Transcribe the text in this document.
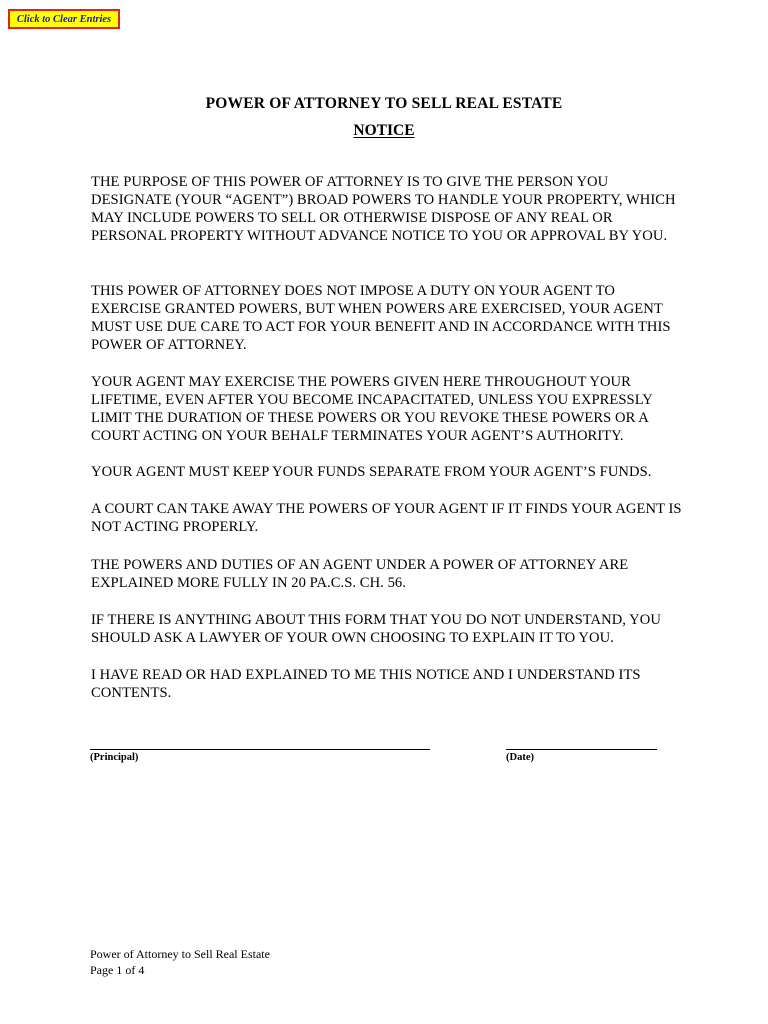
Click to Clear Entries
POWER OF ATTORNEY TO SELL REAL ESTATE
NOTICE

THE PURPOSE OF THIS POWER OF ATTORNEY IS TO GIVE THE PERSON YOU DESIGNATE (YOUR “AGENT”) BROAD POWERS TO HANDLE YOUR PROPERTY, WHICH MAY INCLUDE POWERS TO SELL OR OTHERWISE DISPOSE OF ANY REAL OR PERSONAL PROPERTY WITHOUT ADVANCE NOTICE TO YOU OR APPROVAL BY YOU.

THIS POWER OF ATTORNEY DOES NOT IMPOSE A DUTY ON YOUR AGENT TO EXERCISE GRANTED POWERS, BUT WHEN POWERS ARE EXERCISED, YOUR AGENT MUST USE DUE CARE TO ACT FOR YOUR BENEFIT AND IN ACCORDANCE WITH THIS POWER OF ATTORNEY.

YOUR AGENT MAY EXERCISE THE POWERS GIVEN HERE THROUGHOUT YOUR LIFETIME, EVEN AFTER YOU BECOME INCAPACITATED, UNLESS YOU EXPRESSLY LIMIT THE DURATION OF THESE POWERS OR YOU REVOKE THESE POWERS OR A COURT ACTING ON YOUR BEHALF TERMINATES YOUR AGENT’S AUTHORITY.

YOUR AGENT MUST KEEP YOUR FUNDS SEPARATE FROM YOUR AGENT’S FUNDS.

A COURT CAN TAKE AWAY THE POWERS OF YOUR AGENT IF IT FINDS YOUR AGENT IS NOT ACTING PROPERLY.

THE POWERS AND DUTIES OF AN AGENT UNDER A POWER OF ATTORNEY ARE EXPLAINED MORE FULLY IN 20 PA.C.S. CH. 56.

IF THERE IS ANYTHING ABOUT THIS FORM THAT YOU DO NOT UNDERSTAND, YOU SHOULD ASK A LAWYER OF YOUR OWN CHOOSING TO EXPLAIN IT TO YOU.

I HAVE READ OR HAD EXPLAINED TO ME THIS NOTICE AND I UNDERSTAND ITS CONTENTS.

(Principal)	(Date)

Power of Attorney to Sell Real Estate

Page 1 of 4
